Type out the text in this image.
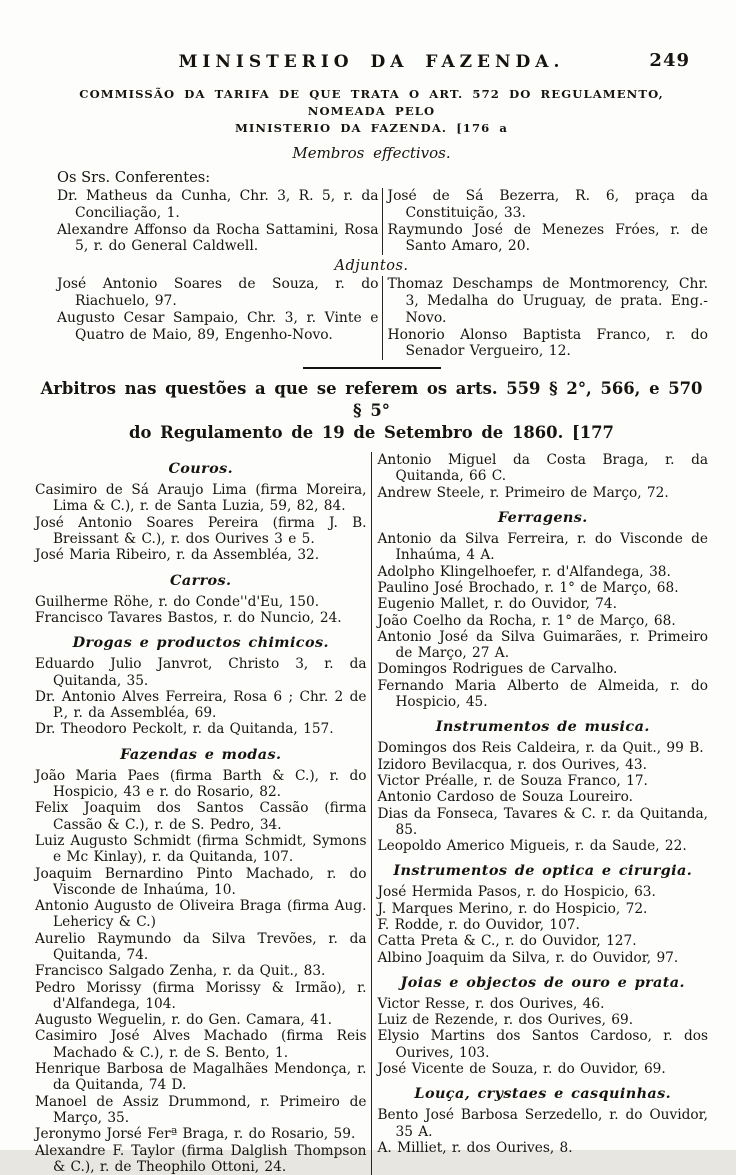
MINISTERIO DA FAZENDA.	249

COMMISSÃO DA TARIFA DE QUE TRATA O ART. 572 DO REGULAMENTO, NOMEADA PELO
MINISTERIO DA FAZENDA. [176 a

Membros effectivos.

Os Srs. Conferentes:

Dr. Matheus da Cunha, Chr. 3, R. 5, r. da Conciliação, 1.

Alexandre Affonso da Rocha Sattamini, Rosa 5, r. do General Caldwell.

José de Sá Bezerra, R. 6, praça da Constituição, 33.

Raymundo José de Menezes Fróes, r. de Santo Amaro, 20.

Adjuntos.

José Antonio Soares de Souza, r. do Riachuelo, 97.

Augusto Cesar Sampaio, Chr. 3, r. Vinte e Quatro de Maio, 89, Engenho-Novo.

Thomaz Deschamps de Montmorency, Chr. 3, Medalha do Uruguay, de prata. Eng.-Novo.

Honorio Alonso Baptista Franco, r. do Senador Vergueiro, 12.

Arbitros nas questões a que se referem os arts. 559 § 2°, 566, e 570 § 5°
do Regulamento de 19 de Setembro de 1860. [177
Couros.

Casimiro de Sá Araujo Lima (firma Moreira, Lima & C.), r. de Santa Luzia, 59, 82, 84.

José Antonio Soares Pereira (firma J. B. Breissant & C.), r. dos Ourives 3 e 5.

José Maria Ribeiro, r. da Assembléa, 32.

Carros.

Guilherme Röhe, r. do Conde''d'Eu, 150.

Francisco Tavares Bastos, r. do Nuncio, 24.

Drogas e productos chimicos.

Eduardo Julio Janvrot, Christo 3, r. da Quitanda, 35.

Dr. Antonio Alves Ferreira, Rosa 6 ; Chr. 2 de P., r. da Assembléa, 69.

Dr. Theodoro Peckolt, r. da Quitanda, 157.

Fazendas e modas.

João Maria Paes (firma Barth & C.), r. do Hospicio, 43 e r. do Rosario, 82.

Felix Joaquim dos Santos Cassão (firma Cassão & C.), r. de S. Pedro, 34.

Luiz Augusto Schmidt (firma Schmidt, Symons e Mc Kinlay), r. da Quitanda, 107.

Joaquim Bernardino Pinto Machado, r. do Visconde de Inhaúma, 10.

Antonio Augusto de Oliveira Braga (firma Aug. Lehericy & C.)

Aurelio Raymundo da Silva Trevões, r. da Quitanda, 74.

Francisco Salgado Zenha, r. da Quit., 83.

Pedro Morissy (firma Morissy & Irmão), r. d'Alfandega, 104.

Augusto Weguelin, r. do Gen. Camara, 41.

Casimiro José Alves Machado (firma Reis Machado & C.), r. de S. Bento, 1.

Henrique Barbosa de Magalhães Mendonça, r. da Quitanda, 74 D.

Manoel de Assiz Drummond, r. Primeiro de Março, 35.

Jeronymo Jorsé Ferª Braga, r. do Rosario, 59.

Alexandre F. Taylor (firma Dalglish Thompson & C.), r. de Theophilo Ottoni, 24.

Antonio Miguel da Costa Braga, r. da Quitanda, 66 C.

Andrew Steele, r. Primeiro de Março, 72.

Ferragens.

Antonio da Silva Ferreira, r. do Visconde de Inhaúma, 4 A.

Adolpho Klingelhoefer, r. d'Alfandega, 38.

Paulino José Brochado, r. 1° de Março, 68.

Eugenio Mallet, r. do Ouvidor, 74.

João Coelho da Rocha, r. 1° de Março, 68.

Antonio José da Silva Guimarães, r. Primeiro de Março, 27 A.

Domingos Rodrigues de Carvalho.

Fernando Maria Alberto de Almeida, r. do Hospicio, 45.

Instrumentos de musica.

Domingos dos Reis Caldeira, r. da Quit., 99 B.

Izidoro Bevilacqua, r. dos Ourives, 43.

Victor Préalle, r. de Souza Franco, 17.

Antonio Cardoso de Souza Loureiro.

Dias da Fonseca, Tavares & C. r. da Quitanda, 85.

Leopoldo Americo Migueis, r. da Saude, 22.

Instrumentos de optica e cirurgia.

José Hermida Pasos, r. do Hospicio, 63.

J. Marques Merino, r. do Hospicio, 72.

F. Rodde, r. do Ouvidor, 107.

Catta Preta & C., r. do Ouvidor, 127.

Albino Joaquim da Silva, r. do Ouvidor, 97.

Joias e objectos de ouro e prata.

Victor Resse, r. dos Ourives, 46.

Luiz de Rezende, r. dos Ourives, 69.

Elysio Martins dos Santos Cardoso, r. dos Ourives, 103.

José Vicente de Souza, r. do Ouvidor, 69.

Louça, crystaes e casquinhas.

Bento José Barbosa Serzedello, r. do Ouvidor, 35 A.

A. Milliet, r. dos Ourives, 8.
